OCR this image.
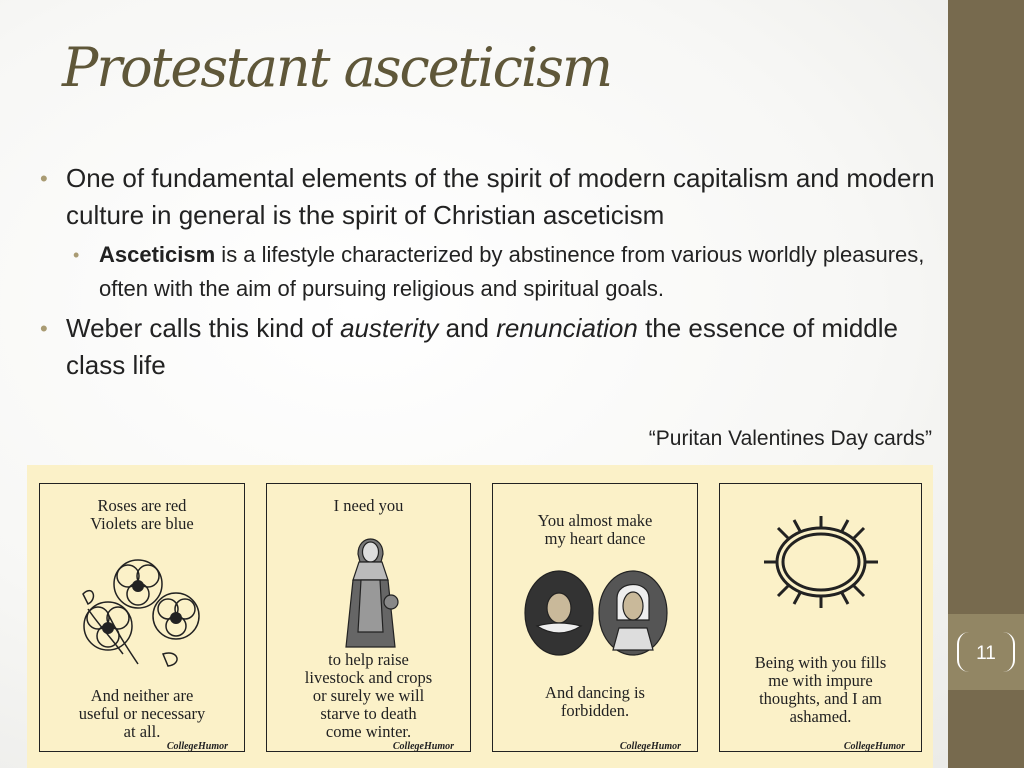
11
Protestant asceticism
• One of fundamental elements of the spirit of modern capitalism and modern culture in general is the spirit of Christian asceticism
• Asceticism is a lifestyle characterized by abstinence from various worldly pleasures, often with the aim of pursuing religious and spiritual goals.
• Weber calls this kind of austerity and renunciation the essence of middle class life
“Puritan Valentines Day cards”
Roses are red
Violets are blue
And neither are
useful or necessary
at all.
CollegeHumor
I need you
to help raise
livestock and crops
or surely we will
starve to death
come winter.
CollegeHumor
You almost make
my heart dance
And dancing is
forbidden.
CollegeHumor
Being with you fills
me with impure
thoughts, and I am
ashamed.
CollegeHumor
